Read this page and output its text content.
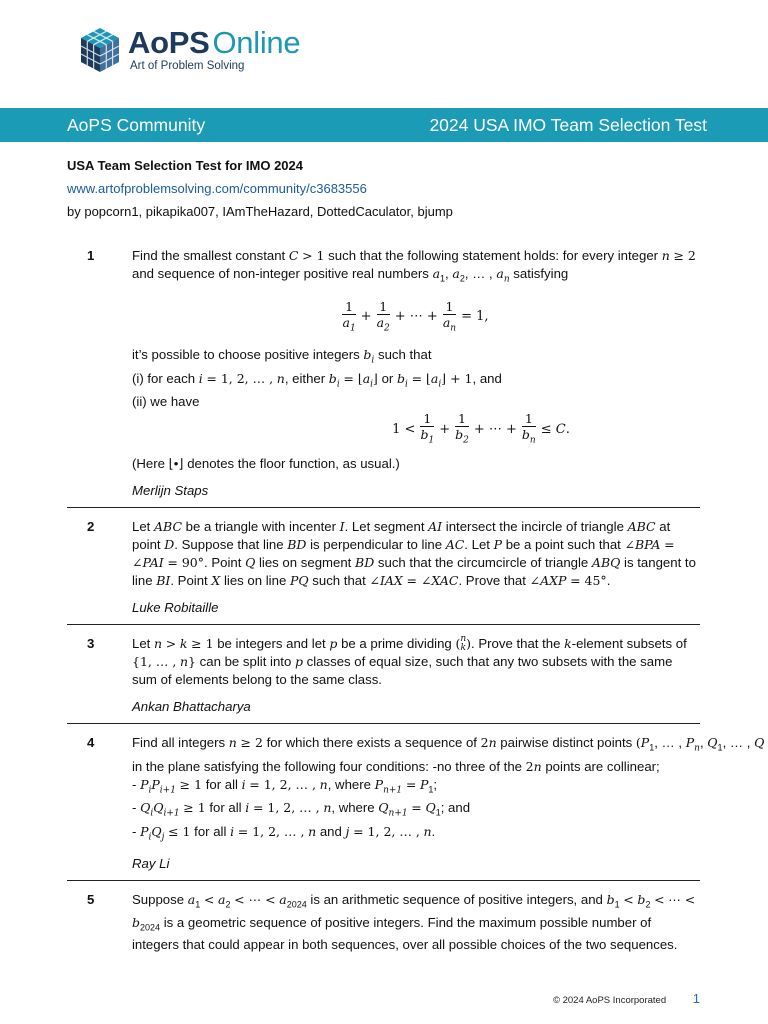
AoPSOnline
Art of Problem Solving
AoPS Community	2024 USA IMO Team Selection Test
USA Team Selection Test for IMO 2024
www.artofproblemsolving.com/community/c3683556
by popcorn1, pikapika007, IAmTheHazard, DottedCaculator, bjump
1	Find the smallest constant C > 1 such that the following statement holds: for every integer n ≥ 2 and sequence of non-integer positive real numbers $a_1$, $a_2$, … , $a_n$ satisfying
$\frac{1}{a_1} + \frac{1}{a_2}$ + ⋯ + $\frac{1}{a_n} = 1$,
it’s possible to choose positive integers $b_i$ such that
(i) for each i = 1, 2, … , n, either $b_i$ = $⌊a_i⌋$ or $b_i$ = $⌊a_i⌋ + 1$, and
(ii) we have
$1 < \frac{1}{b_1} + \frac{1}{b_2}$ + ⋯ + $\frac{1}{b_n} \le C$.
(Here ⌊•⌋ denotes the floor function, as usual.)
Merlijn Staps
2	Let ABC be a triangle with incenter I. Let segment AI intersect the incircle of triangle ABC at point D. Suppose that line BD is perpendicular to line AC. Let P be a point such that ∠BPA = ∠PAI = 90°. Point Q lies on segment BD such that the circumcircle of triangle ABQ is tangent to line BI. Point X lies on line PQ such that ∠IAX = ∠XAC. Prove that ∠AXP = 45°.
Luke Robitaille
3	Let n > k ≥ 1 be integers and let p be a prime dividing (n
k). Prove that the k-element subsets of {1, … , n} can be split into p classes of equal size, such that any two subsets with the same sum of elements belong to the same class.
Ankan Bhattacharya
4	Find all integers n ≥ 2 for which there exists a sequence of 2n pairwise distinct points ($P_1$, … , $P_n$, $Q_1$, … , Q
in the plane satisfying the following four conditions: -no three of the 2n points are collinear;
- $P_iP_{i+1} \ge 1$ for all i = 1, 2, … , n, where $P_{n+1} = P_1$;
- $Q_iQ_{i+1} \ge 1$ for all i = 1, 2, … , n, where $Q_{n+1} = Q_1$; and
- $P_iQ_j \le 1$ for all i = 1, 2, … , n and j = 1, 2, … , n.
Ray Li
5	Suppose $a_1 < a_2$ < ⋯ < $a_{2024}$ is an arithmetic sequence of positive integers, and $b_1 < b_2$ < ⋯ < $b_{2024}$ is a geometric sequence of positive integers. Find the maximum possible number of integers that could appear in both sequences, over all possible choices of the two sequences.
© 2024 AoPS Incorporated 1
